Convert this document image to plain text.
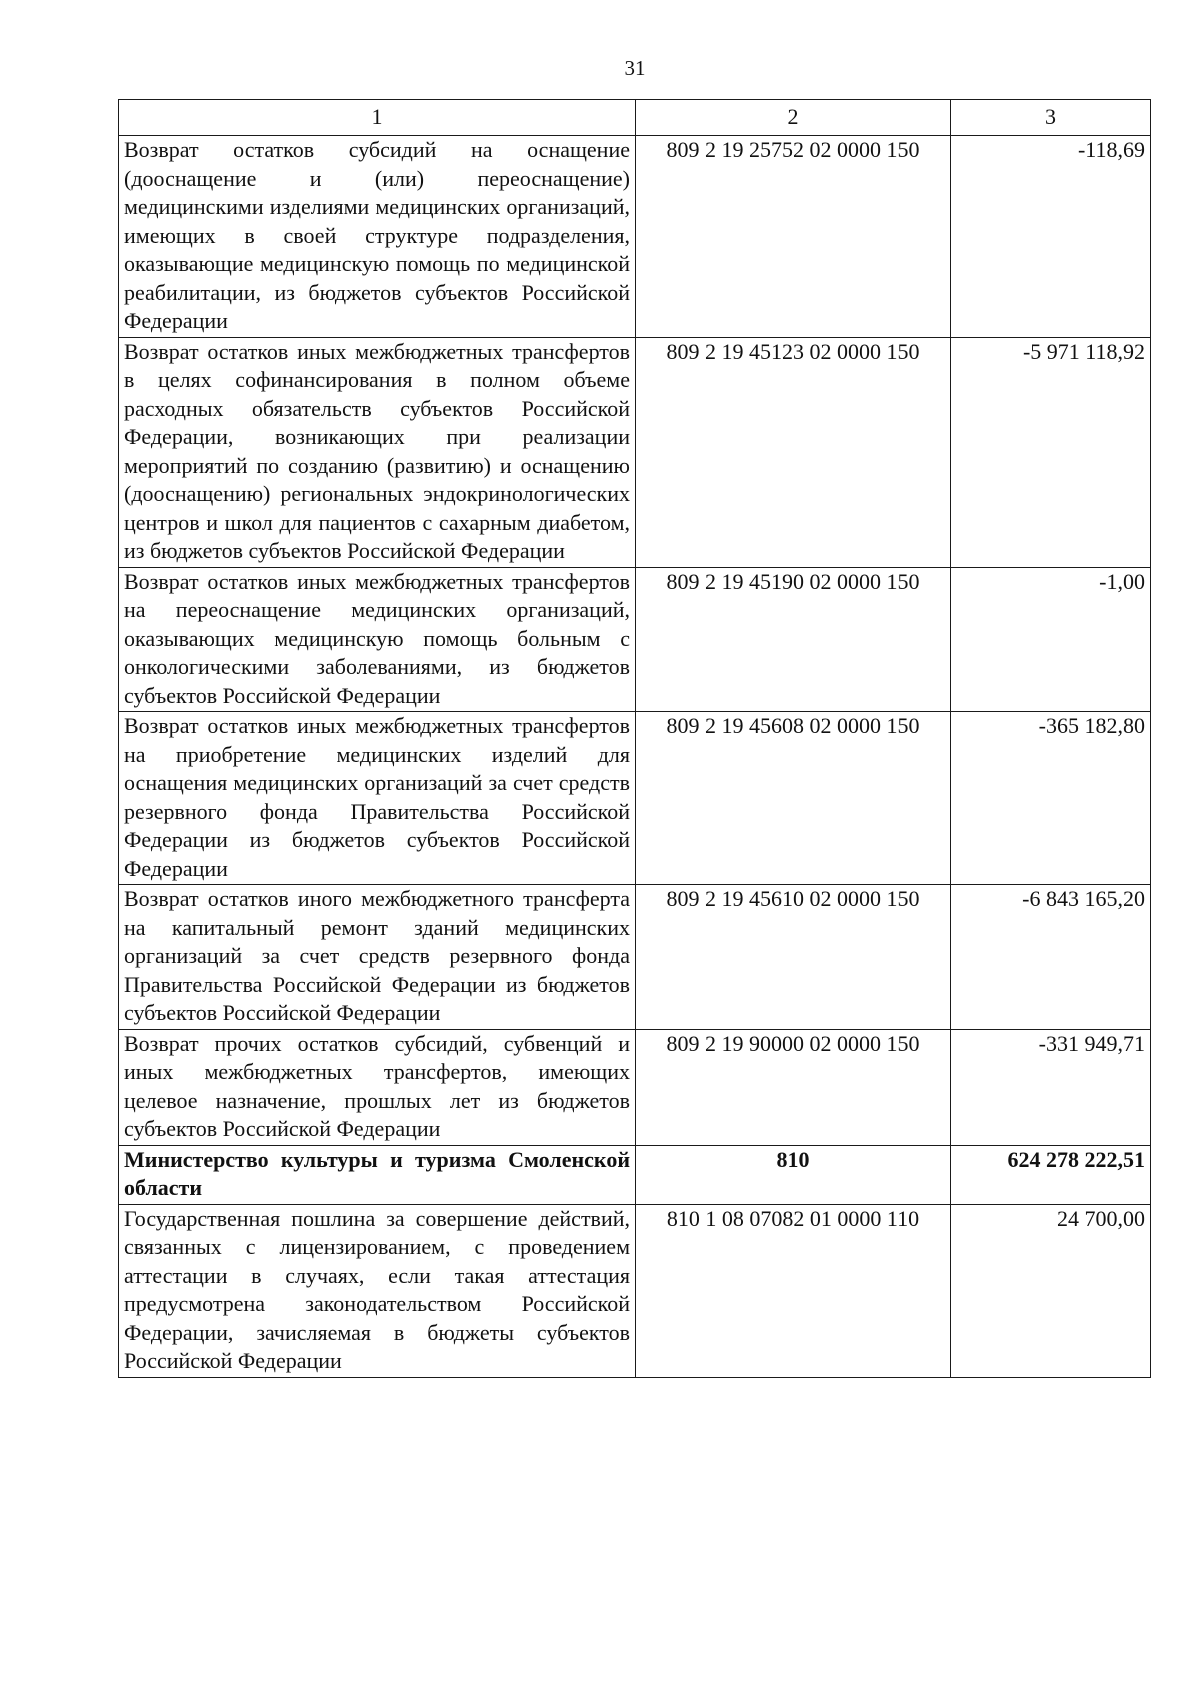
31
1	2	3
Возврат остатков субсидий на оснащение (дооснащение и (или) переоснащение) медицинскими изделиями медицинских организаций, имеющих в своей структуре подразделения, оказывающие медицинскую помощь по медицинской реабилитации, из бюджетов субъектов Российской Федерации	809 2 19 25752 02 0000 150	-118,69
Возврат остатков иных межбюджетных трансфертов в целях софинансирования в полном объеме расходных обязательств субъектов Российской Федерации, возникающих при реализации мероприятий по созданию (развитию) и оснащению (дооснащению) региональных эндокринологических центров и школ для пациентов с сахарным диабетом, из бюджетов субъектов Российской Федерации	809 2 19 45123 02 0000 150	-5 971 118,92
Возврат остатков иных межбюджетных трансфертов на переоснащение медицинских организаций, оказывающих медицинскую помощь больным с онкологическими заболеваниями, из бюджетов субъектов Российской Федерации	809 2 19 45190 02 0000 150	-1,00
Возврат остатков иных межбюджетных трансфертов на приобретение медицинских изделий для оснащения медицинских организаций за счет средств резервного фонда Правительства Российской Федерации из бюджетов субъектов Российской Федерации	809 2 19 45608 02 0000 150	-365 182,80
Возврат остатков иного межбюджетного трансферта на капитальный ремонт зданий медицинских организаций за счет средств резервного фонда Правительства Российской Федерации из бюджетов субъектов Российской Федерации	809 2 19 45610 02 0000 150	-6 843 165,20
Возврат прочих остатков субсидий, субвенций и иных межбюджетных трансфертов, имеющих целевое назначение, прошлых лет из бюджетов субъектов Российской Федерации	809 2 19 90000 02 0000 150	-331 949,71
Министерство культуры и туризма Смоленской области	810	624 278 222,51
Государственная пошлина за совершение действий, связанных с лицензированием, с проведением аттестации в случаях, если такая аттестация предусмотрена законодательством Российской Федерации, зачисляемая в бюджеты субъектов Российской Федерации	810 1 08 07082 01 0000 110	24 700,00
